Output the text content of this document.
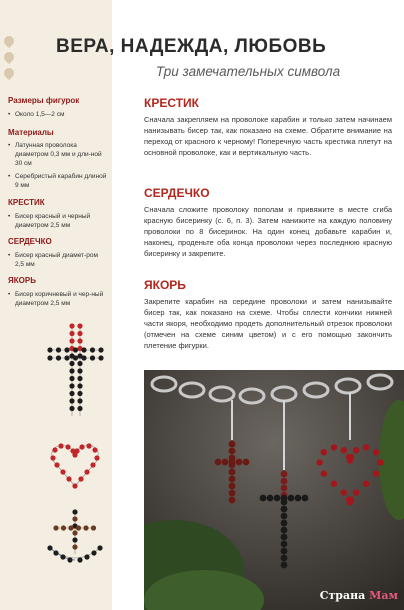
Размеры фигурок
• Около 1,5—2 см
Материалы
• Латунная проволока диаметром 0,3 мм и дли-ной 30 см
• Серебристый карабин длиной 9 мм
КРЕСТИК
• Бисер красный и черный диаметром 2,5 мм
СЕРДЕЧКО
• Бисер красный диамет-ром 2,5 мм
ЯКОРЬ
• Бисер коричневый и чер-ный диаметром 2,5 мм
ВЕРА, НАДЕЖДА, ЛЮБОВЬ
Три замечательных символа
КРЕСТИК
Сначала закрепляем на проволоке карабин и только затем начинаем нанизывать бисер так, как показано на схеме. Обратите внимание на переход от красного к черному! Поперечную часть крестика плетут на основной проволоке, как и вертикальную часть.
СЕРДЕЧКО
Сначала сложите проволоку пополам и привяжите в месте сгиба красную бисеринку (с. 6, п. 3). Затем нанижите на каждую половину проволоки по 8 бисеринок. На один конец добавьте карабин и, наконец, проденьте оба конца проволоки через последнюю красную бисеринку и закрепите.
ЯКОРЬ
Закрепите карабин на середине проволоки и затем нанизывайте бисер так, как показано на схеме. Чтобы сплести кончики нижней части якоря, необходимо продеть дополнительный отрезок проволоки (отмечен на схеме синим цветом) и с его помощью закончить плетение фигурки.
Страна Мам
